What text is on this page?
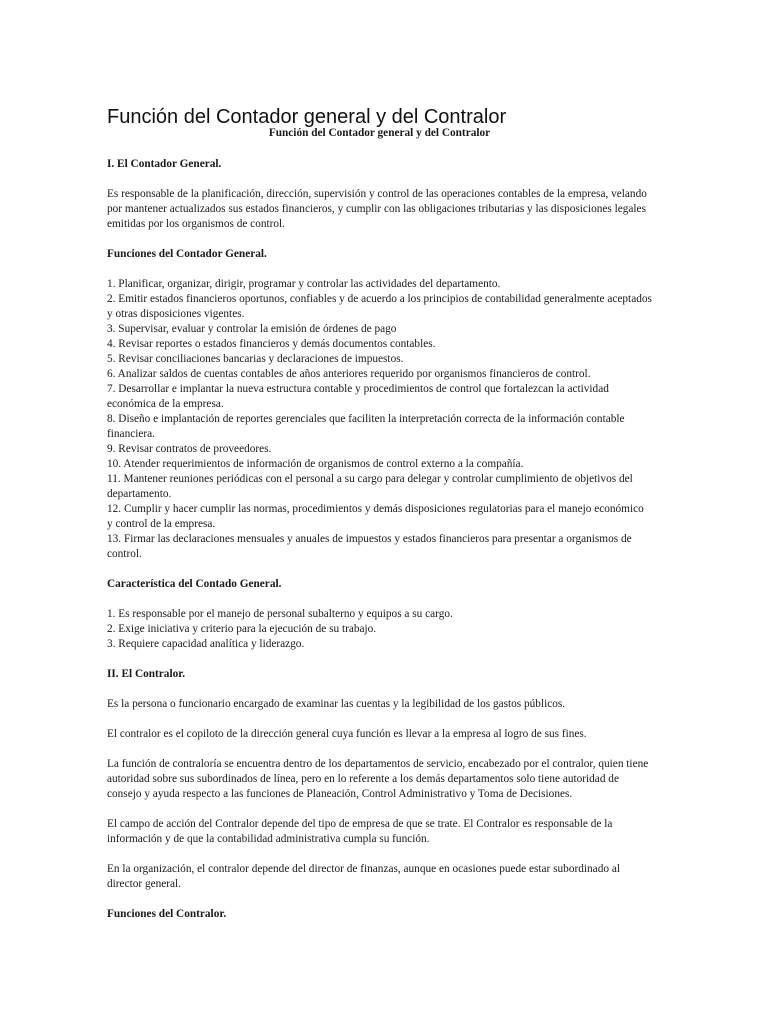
Función del Contador general y del Contralor

Función del Contador general y del Contralor

I. El Contador General.

Es responsable de la planificación, dirección, supervisión y control de las operaciones contables de la empresa, velando por mantener actualizados sus estados financieros, y cumplir con las obligaciones tributarias y las disposiciones legales emitidas por los organismos de control.

Funciones del Contador General.
1. Planificar, organizar, dirigir, programar y controlar las actividades del departamento.
2. Emitir estados financieros oportunos, confiables y de acuerdo a los principios de contabilidad generalmente aceptados y otras disposiciones vigentes.
3. Supervisar, evaluar y controlar la emisión de órdenes de pago
4. Revisar reportes o estados financieros y demás documentos contables.
5. Revisar conciliaciones bancarias y declaraciones de impuestos.
6. Analizar saldos de cuentas contables de años anteriores requerido por organismos financieros de control.
7. Desarrollar e implantar la nueva estructura contable y procedimientos de control que fortalezcan la actividad económica de la empresa.
8. Diseño e implantación de reportes gerenciales que faciliten la interpretación correcta de la información contable financiera.
9. Revisar contratos de proveedores.
10. Atender requerimientos de información de organismos de control externo a la compañía.
11. Mantener reuniones periódicas con el personal a su cargo para delegar y controlar cumplimiento de objetivos del departamento.
12. Cumplir y hacer cumplir las normas, procedimientos y demás disposiciones regulatorias para el manejo económico y control de la empresa.
13. Firmar las declaraciones mensuales y anuales de impuestos y estados financieros para presentar a organismos de control.
Característica del Contado General.
1. Es responsable por el manejo de personal subalterno y equipos a su cargo.
2. Exige iniciativa y criterio para la ejecución de su trabajo.
3. Requiere capacidad analítica y liderazgo.
II. El Contralor.

Es la persona o funcionario encargado de examinar las cuentas y la legibilidad de los gastos públicos.

El contralor es el copiloto de la dirección general cuya función es llevar a la empresa al logro de sus fines.

La función de contraloría se encuentra dentro de los departamentos de servicio, encabezado por el contralor, quien tiene autoridad sobre sus subordinados de línea, pero en lo referente a los demás departamentos solo tiene autoridad de consejo y ayuda respecto a las funciones de Planeación, Control Administrativo y Toma de Decisiones.

El campo de acción del Contralor depende del tipo de empresa de que se trate. El Contralor es responsable de la información y de que la contabilidad administrativa cumpla su función.

En la organización, el contralor depende del director de finanzas, aunque en ocasiones puede estar subordinado al director general.

Funciones del Contralor.
